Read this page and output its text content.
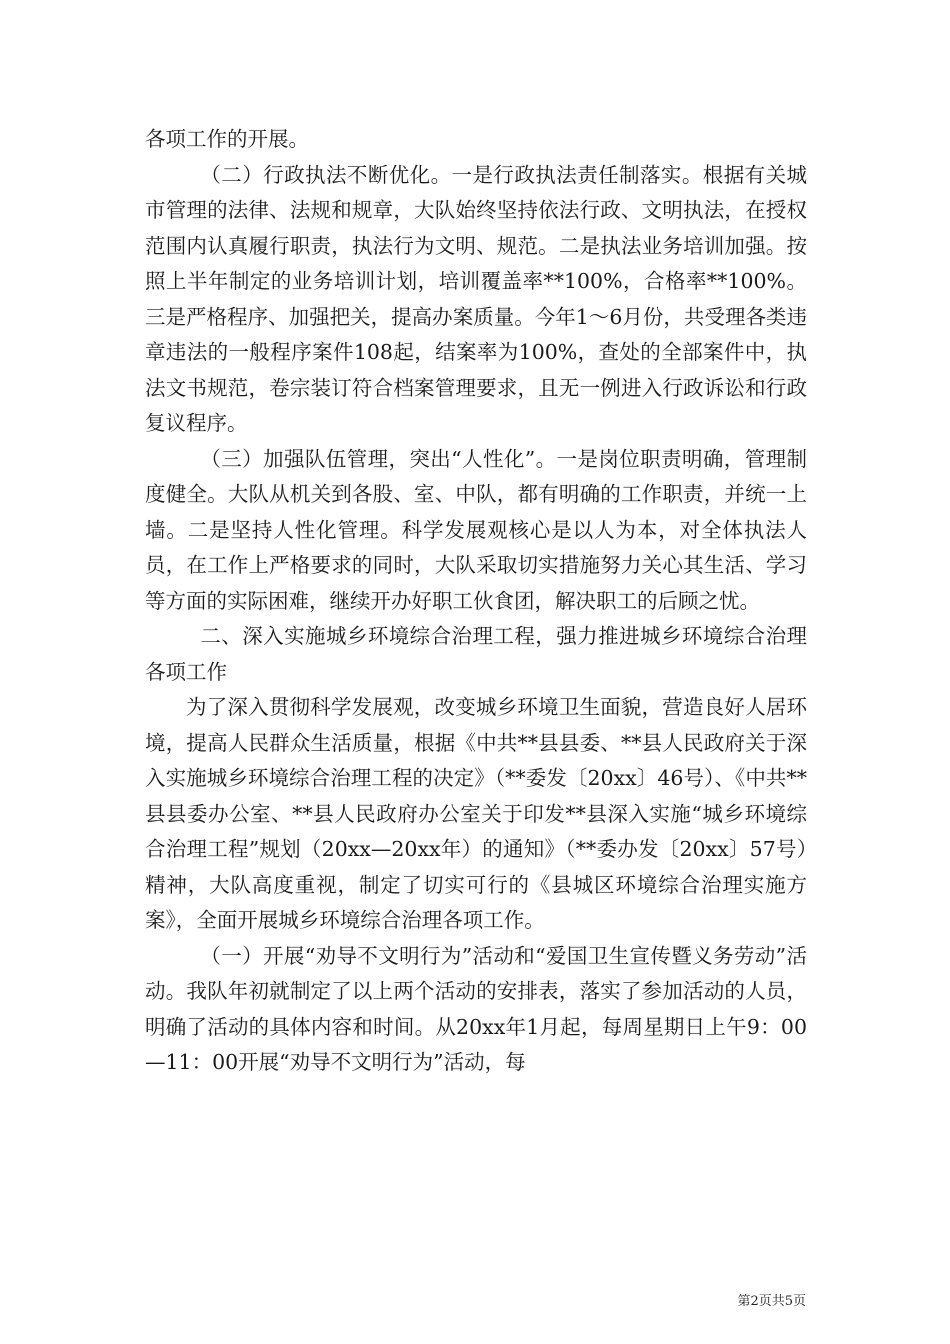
各项工作的开展。

（二）行政执法不断优化。一是行政执法责任制落实。根据有关城市管理的法律、法规和规章，大队始终坚持依法行政、文明执法，在授权范围内认真履行职责，执法行为文明、规范。二是执法业务培训加强。按照上半年制定的业务培训计划，培训覆盖率**100%，合格率**100%。三是严格程序、加强把关，提高办案质量。今年1～6月份，共受理各类违章违法的一般程序案件108起，结案率为100%，查处的全部案件中，执法文书规范，卷宗装订符合档案管理要求，且无一例进入行政诉讼和行政复议程序。

（三）加强队伍管理，突出“人性化”。一是岗位职责明确，管理制度健全。大队从机关到各股、室、中队，都有明确的工作职责，并统一上墙。二是坚持人性化管理。科学发展观核心是以人为本，对全体执法人员，在工作上严格要求的同时，大队采取切实措施努力关心其生活、学习等方面的实际困难，继续开办好职工伙食团，解决职工的后顾之忧。

二、深入实施城乡环境综合治理工程，强力推进城乡环境综合治理各项工作

为了深入贯彻科学发展观，改变城乡环境卫生面貌，营造良好人居环境，提高人民群众生活质量，根据《中共**县县委、**县人民政府关于深入实施城乡环境综合治理工程的决定》（**委发〔20xx〕46号）、《中共**县县委办公室、**县人民政府办公室关于印发**县深入实施“城乡环境综合治理工程”规划（20xx—20xx年）的通知》（**委办发〔20xx〕57号）精神，大队高度重视，制定了切实可行的《县城区环境综合治理实施方案》，全面开展城乡环境综合治理各项工作。

（一）开展“劝导不文明行为”活动和“爱国卫生宣传暨义务劳动”活动。我队年初就制定了以上两个活动的安排表，落实了参加活动的人员，明确了活动的具体内容和时间。从20xx年1月起，每周星期日上午9：00—11：00开展“劝导不文明行为”活动，每

第2页共5页
